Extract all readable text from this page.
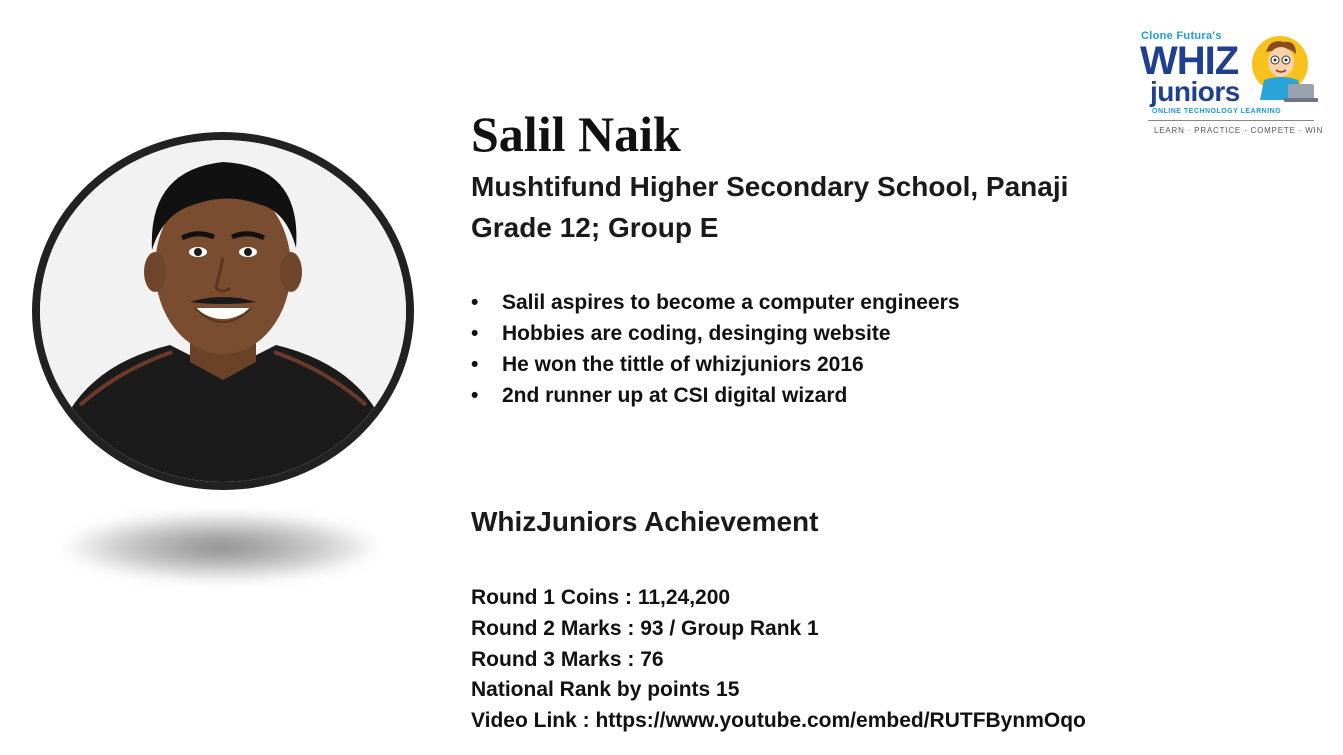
Clone Futura's
WHIZ
juniors
ONLINE TECHNOLOGY LEARNING
LEARN · PRACTICE · COMPETE · WIN
Salil Naik
Mushtifund Higher Secondary School, Panaji
Grade 12; Group E
• Salil aspires to become a computer engineers
• Hobbies are coding, desinging website
• He won the tittle of whizjuniors 2016
• 2nd runner up at CSI digital wizard
WhizJuniors Achievement
Round 1 Coins : 11,24,200
Round 2 Marks : 93 / Group Rank 1
Round 3 Marks : 76
National Rank by points 15
Video Link : https://www.youtube.com/embed/RUTFBynmOqo
